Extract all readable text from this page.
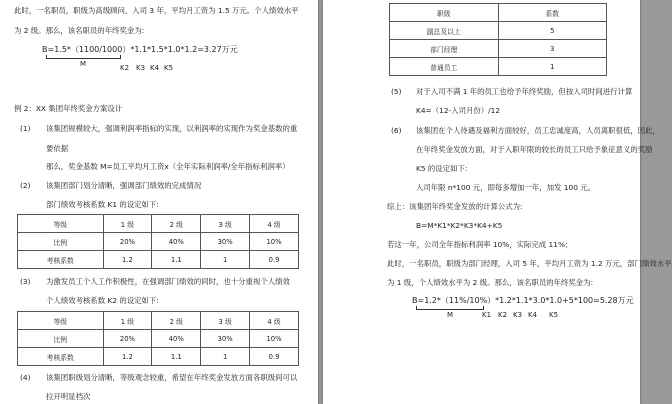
此时，一名职员，职级为高级顾问，入司 3 年，平均月工资为 1.5 万元。个人绩效水平
为 2 级。那么，该名职员的年终奖金为:
B=1.5*（1100/1000）*1.1*1.5*1.0*1.2=3.27万元
M	K2 K3 K4 K5
例 2：XX 集团年终奖金方案设计
(1) 该集团规模较大，强调利润率指标的实现，以利润率的实现作为奖金基数的重
要依据
那么，奖金基数 M=员工平均月工资x（全年实际利润率/全年指标利润率）
(2) 该集团部门划分清晰，强调部门绩效的完成情况
部门绩效考核系数 K1 的设定如下:
等级	1 级	2 级	3 级	4 级
比例	20%	40%	30%	10%
考核系数	1.2	1.1	1	0.9
(3) 为激发员工个人工作积极性，在强调部门绩效的同时，也十分重视个人绩效
个人绩效考核系数 K2 的设定如下:
等级	1 级	2 级	3 级	4 级
比例	20%	40%	30%	10%
考核系数	1.2	1.1	1	0.9
(4) 该集团职级划分清晰，等级观念较重，希望在年终奖金发放方面各职级间可以
拉开明显档次
职级	系数
副总及以上	5
部门经理	3
普通员工	1
(5) 对于入司不满 1 年的员工也给予年终奖励，但按入司时间进行计算
K4=（12-入司月份）/12
(6) 该集团在个人待遇及福利方面较好，员工忠诚度高，人员离职很低，因此，
在年终奖金发放方面，对于入职年限的较长的员工只给予象征意义的奖励
K5 的设定如下:
入司年限 n*100 元，即每多增加一年，加发 100 元。
综上：该集团年终奖金发放的计算公式为:
B=M*K1*K2*K3*K4+K5
若这一年，公司全年指标利润率 10%，实际完成 11%；
此时，一名职员，职级为部门经理，入司 5 年，平均月工资为 1.2 万元，部门绩效水平
为 1 级，个人绩效水平为 2 级。那么，该名职员的年终奖金为:
B=1.2*（11%/10%）*1.2*1.1*3.0*1.0+5*100=5.28万元
M	K1 K2 K3 K4 K5
